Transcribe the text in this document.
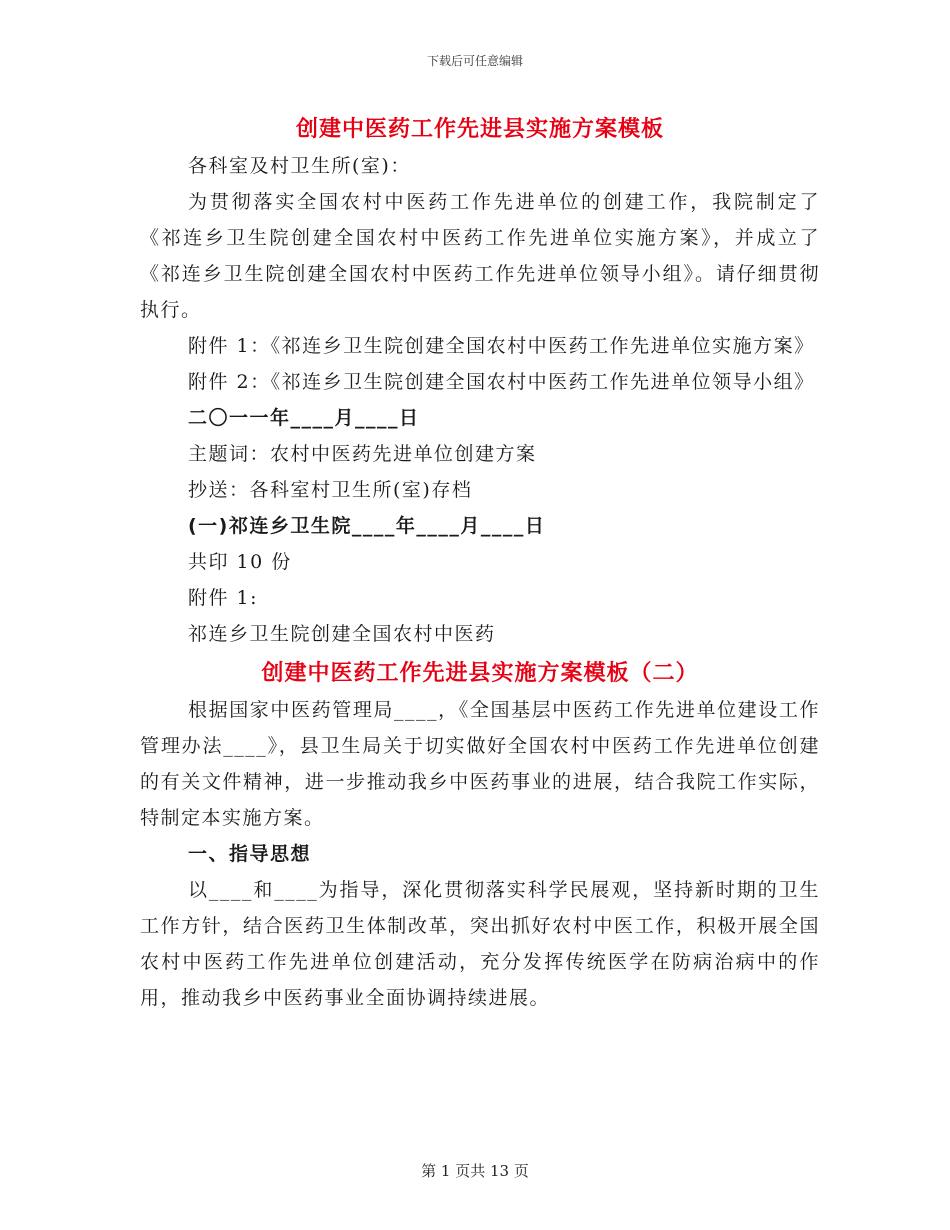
下载后可任意编辑
创建中医药工作先进县实施方案模板

各科室及村卫生所(室)：

为贯彻落实全国农村中医药工作先进单位的创建工作，我院制定了《祁连乡卫生院创建全国农村中医药工作先进单位实施方案》，并成立了《祁连乡卫生院创建全国农村中医药工作先进单位领导小组》。请仔细贯彻执行。

附件 1：《祁连乡卫生院创建全国农村中医药工作先进单位实施方案》

附件 2：《祁连乡卫生院创建全国农村中医药工作先进单位领导小组》

二〇一一年____月____日

主题词：农村中医药先进单位创建方案

抄送：各科室村卫生所(室)存档

(一)祁连乡卫生院____年____月____日

共印 10 份

附件 1:

祁连乡卫生院创建全国农村中医药

创建中医药工作先进县实施方案模板（二）

根据国家中医药管理局____，《全国基层中医药工作先进单位建设工作管理办法____》，县卫生局关于切实做好全国农村中医药工作先进单位创建的有关文件精神，进一步推动我乡中医药事业的进展，结合我院工作实际，特制定本实施方案。

一、指导思想

以____和____为指导，深化贯彻落实科学民展观，坚持新时期的卫生工作方针，结合医药卫生体制改革，突出抓好农村中医工作，积极开展全国农村中医药工作先进单位创建活动，充分发挥传统医学在防病治病中的作用，推动我乡中医药事业全面协调持续进展。

第 1 页共 13 页
